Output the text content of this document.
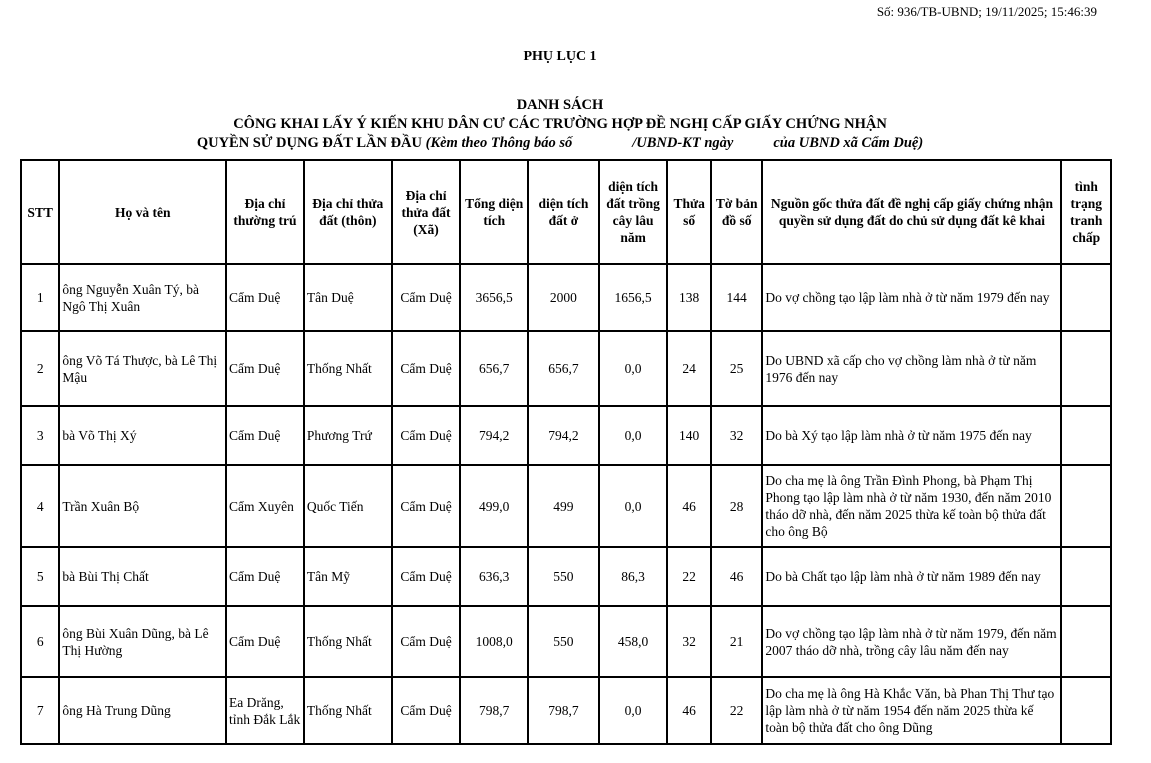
Số: 936/TB-UBND; 19/11/2025; 15:46:39
PHỤ LỤC 1
DANH SÁCH
CÔNG KHAI LẤY Ý KIẾN KHU DÂN CƯ CÁC TRƯỜNG HỢP ĐỀ NGHỊ CẤP GIẤY CHỨNG NHẬN
QUYỀN SỬ DỤNG ĐẤT LẦN ĐẦU (Kèm theo Thông báo số	/UBND-KT ngày	của UBND xã Cẩm Duệ)
STT	Họ và tên	Địa chỉ thường trú	Địa chỉ thửa đất (thôn)	Địa chỉ thửa đất (Xã)	Tổng diện tích	diện tích đất ở	diện tích đất trồng cây lâu năm	Thửa số	Tờ bản đồ số	Nguồn gốc thửa đất đề nghị cấp giấy chứng nhận quyền sử dụng đất do chủ sử dụng đất kê khai	tình trạng tranh chấp
1	ông Nguyễn Xuân Tý, bà Ngô Thị Xuân	Cẩm Duệ	Tân Duệ	Cẩm Duệ	3656,5	2000	1656,5	138	144	Do vợ chồng tạo lập làm nhà ở từ năm 1979 đến nay	
2	ông Võ Tá Thược, bà Lê Thị Mậu	Cẩm Duệ	Thống Nhất	Cẩm Duệ	656,7	656,7	0,0	24	25	Do UBND xã cấp cho vợ chồng làm nhà ở từ năm 1976 đến nay	
3	bà Võ Thị Xý	Cẩm Duệ	Phương Trứ	Cẩm Duệ	794,2	794,2	0,0	140	32	Do bà Xý tạo lập làm nhà ở từ năm 1975 đến nay	
4	Trần Xuân Bộ	Cẩm Xuyên	Quốc Tiến	Cẩm Duệ	499,0	499	0,0	46	28	Do cha mẹ là ông Trần Đình Phong, bà Phạm Thị Phong tạo lập làm nhà ở từ năm 1930, đến năm 2010 tháo dỡ nhà, đến năm 2025 thừa kế toàn bộ thửa đất cho ông Bộ	
5	bà Bùi Thị Chất	Cẩm Duệ	Tân Mỹ	Cẩm Duệ	636,3	550	86,3	22	46	Do bà Chất tạo lập làm nhà ở từ năm 1989 đến nay	
6	ông Bùi Xuân Dũng, bà Lê Thị Hường	Cẩm Duệ	Thống Nhất	Cẩm Duệ	1008,0	550	458,0	32	21	Do vợ chồng tạo lập làm nhà ở từ năm 1979, đến năm 2007 tháo dỡ nhà, trồng cây lâu năm đến nay	
7	ông Hà Trung Dũng	Ea Drăng, tỉnh Đắk Lắk	Thống Nhất	Cẩm Duệ	798,7	798,7	0,0	46	22	Do cha mẹ là ông Hà Khắc Văn, bà Phan Thị Thư tạo lập làm nhà ở từ năm 1954 đến năm 2025 thừa kế toàn bộ thửa đất cho ông Dũng	
